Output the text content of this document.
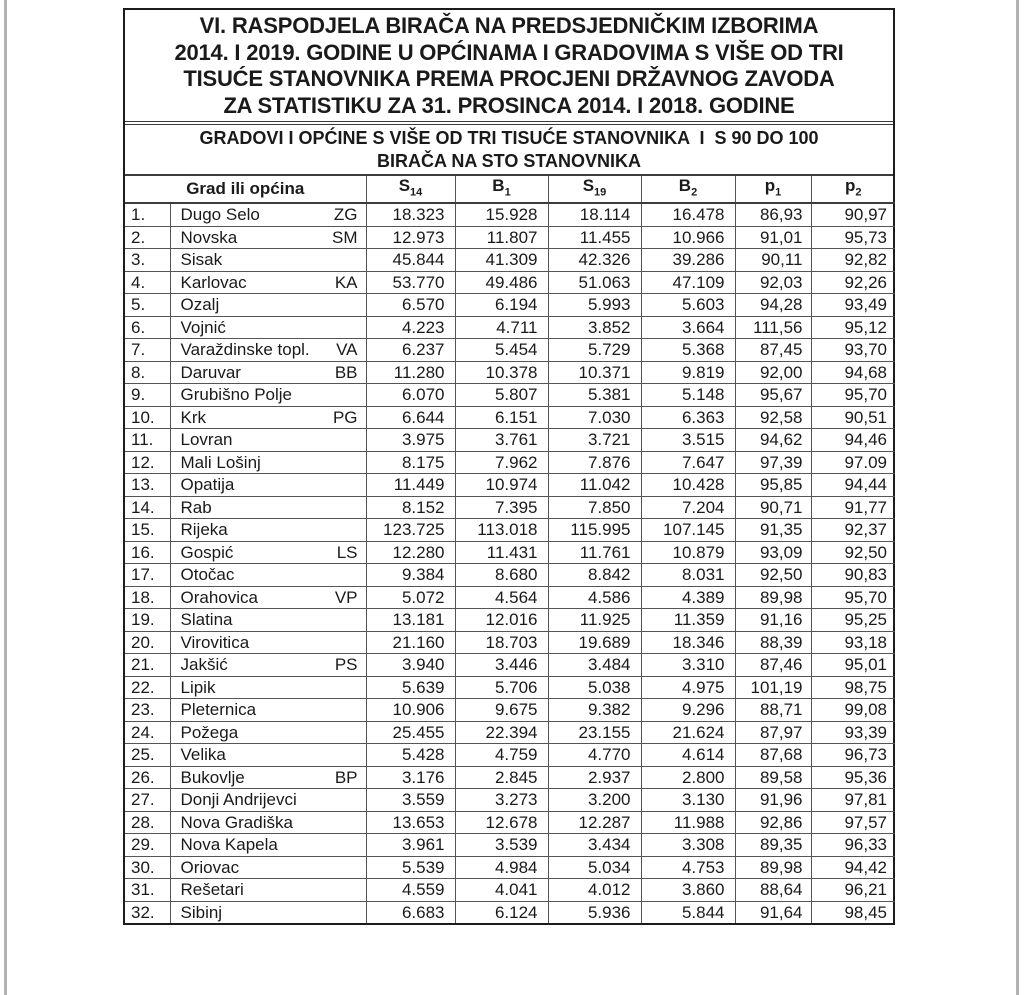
VI. RASPODJELA BIRAČA NA PREDSJEDNIČKIM IZBORIMA
2014. I 2019. GODINE U OPĆINAMA I GRADOVIMA S VIŠE OD TRI
TISUĆE STANOVNIKA PREMA PROCJENI DRŽAVNOG ZAVODA
ZA STATISTIKU ZA 31. PROSINCA 2014. I 2018. GODINE
GRADOVI I OPĆINE S VIŠE OD TRI TISUĆE STANOVNIKA  I  S 90 DO 100
BIRAČA NA STO STANOVNIKA
Grad ili općina		$S_{14}$	$B_1$	$S_{19}$	$B_2$	$p_1$	$p_2$
1.	Dugo Selo ZG	18.323	15.928	18.114	16.478	86,93	90,97
2.	Novska SM	12.973	11.807	11.455	10.966	91,01	95,73
3.	Sisak	45.844	41.309	42.326	39.286	90,11	92,82
4.	Karlovac KA	53.770	49.486	51.063	47.109	92,03	92,26
5.	Ozalj	6.570	6.194	5.993	5.603	94,28	93,49
6.	Vojnić	4.223	4.711	3.852	3.664	111,56	95,12
7.	Varaždinske topl. VA	6.237	5.454	5.729	5.368	87,45	93,70
8.	Daruvar BB	11.280	10.378	10.371	9.819	92,00	94,68
9.	Grubišno Polje	6.070	5.807	5.381	5.148	95,67	95,70
10.	Krk PG	6.644	6.151	7.030	6.363	92,58	90,51
11.	Lovran	3.975	3.761	3.721	3.515	94,62	94,46
12.	Mali Lošinj	8.175	7.962	7.876	7.647	97,39	97.09
13.	Opatija	11.449	10.974	11.042	10.428	95,85	94,44
14.	Rab	8.152	7.395	7.850	7.204	90,71	91,77
15.	Rijeka	123.725	113.018	115.995	107.145	91,35	92,37
16.	Gospić LS	12.280	11.431	11.761	10.879	93,09	92,50
17.	Otočac	9.384	8.680	8.842	8.031	92,50	90,83
18.	Orahovica VP	5.072	4.564	4.586	4.389	89,98	95,70
19.	Slatina	13.181	12.016	11.925	11.359	91,16	95,25
20.	Virovitica	21.160	18.703	19.689	18.346	88,39	93,18
21.	Jakšić PS	3.940	3.446	3.484	3.310	87,46	95,01
22.	Lipik	5.639	5.706	5.038	4.975	101,19	98,75
23.	Pleternica	10.906	9.675	9.382	9.296	88,71	99,08
24.	Požega	25.455	22.394	23.155	21.624	87,97	93,39
25.	Velika	5.428	4.759	4.770	4.614	87,68	96,73
26.	Bukovlje BP	3.176	2.845	2.937	2.800	89,58	95,36
27.	Donji Andrijevci	3.559	3.273	3.200	3.130	91,96	97,81
28.	Nova Gradiška	13.653	12.678	12.287	11.988	92,86	97,57
29.	Nova Kapela	3.961	3.539	3.434	3.308	89,35	96,33
30.	Oriovac	5.539	4.984	5.034	4.753	89,98	94,42
31.	Rešetari	4.559	4.041	4.012	3.860	88,64	96,21
32.	Sibinj	6.683	6.124	5.936	5.844	91,64	98,45
